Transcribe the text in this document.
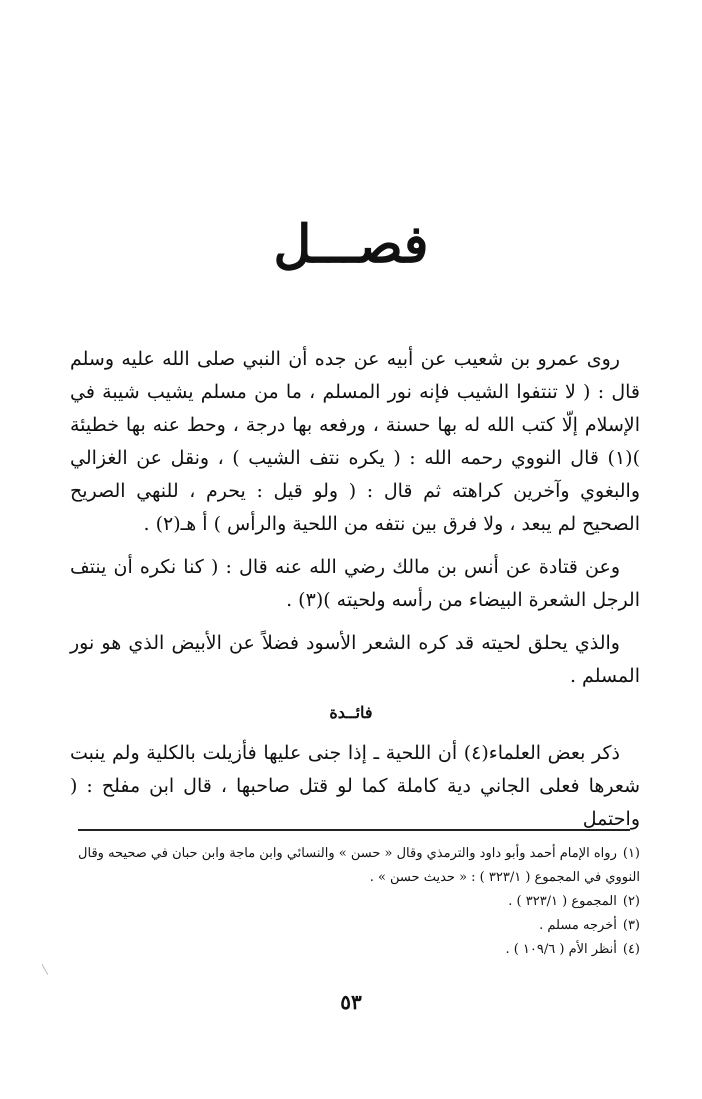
فصـــل

روى عمرو بن شعيب عن أبيه عن جده أن النبي صلى الله عليه وسلم قال : ( لا تنتفوا الشيب فإنه نور المسلم ، ما من مسلم يشيب شيبة في الإسلام إلّا كتب الله له بها حسنة ، ورفعه بها درجة ، وحط عنه بها خطيئة )(١) قال النووي رحمه الله : ( يكره نتف الشيب ) ، ونقل عن الغزالي والبغوي وآخرين كراهته ثم قال : ( ولو قيل : يحرم ، للنهي الصريح الصحيح لم يبعد ، ولا فرق بين نتفه من اللحية والرأس ) أ هـ(٢) .

وعن قتادة عن أنس بن مالك رضي الله عنه قال : ( كنا نكره أن ينتف الرجل الشعرة البيضاء من رأسه ولحيته )(٣) .

والذي يحلق لحيته قد كره الشعر الأسود فضلاً عن الأبيض الذي هو نور المسلم .

فائــدة

ذكر بعض العلماء(٤) أن اللحية ـ إذا جنى عليها فأزيلت بالكلية ولم ينبت شعرها فعلى الجاني دية كاملة كما لو قتل صاحبها ، قال ابن مفلح : ( واحتمل

(١)رواه الإمام أحمد وأبو داود والترمذي وقال « حسن » والنسائي وابن ماجة وابن حبان في صحيحه وقال النووي في المجموع ( ٣٢٣/١ ) : « حديث حسن » .

(٢)المجموع ( ٣٢٣/١ ) .

(٣)أخرجه مسلم .

(٤)أنظر الأم ( ١٠٩/٦ ) .

٥٣
